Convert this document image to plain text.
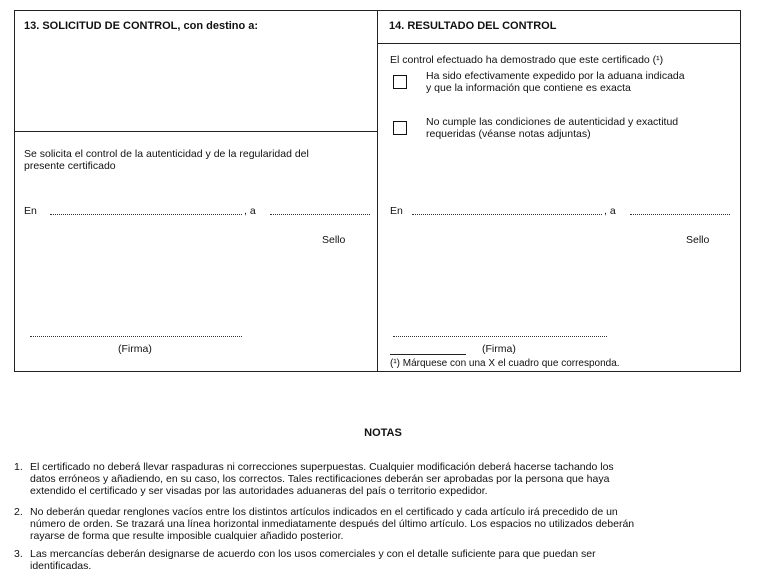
13. SOLICITUD DE CONTROL, con destino a:
Se solicita el control de la autenticidad y de la regularidad del
presente certificado
En	, a
Sello
(Firma)
14. RESULTADO DEL CONTROL
El control efectuado ha demostrado que este certificado (¹)
Ha sido efectivamente expedido por la aduana indicada
y que la información que contiene es exacta
No cumple las condiciones de autenticidad y exactitud
requeridas (véanse notas adjuntas)
En	, a
Sello
(Firma)
(¹) Márquese con una X el cuadro que corresponda.
NOTAS
1. El certificado no deberá llevar raspaduras ni correcciones superpuestas. Cualquier modificación deberá hacerse tachando los
datos erróneos y añadiendo, en su caso, los correctos. Tales rectificaciones deberán ser aprobadas por la persona que haya
extendido el certificado y ser visadas por las autoridades aduaneras del país o territorio expedidor.
2. No deberán quedar renglones vacíos entre los distintos artículos indicados en el certificado y cada artículo irá precedido de un
número de orden. Se trazará una línea horizontal inmediatamente después del último artículo. Los espacios no utilizados deberán
rayarse de forma que resulte imposible cualquier añadido posterior.
3. Las mercancías deberán designarse de acuerdo con los usos comerciales y con el detalle suficiente para que puedan ser
identificadas.
